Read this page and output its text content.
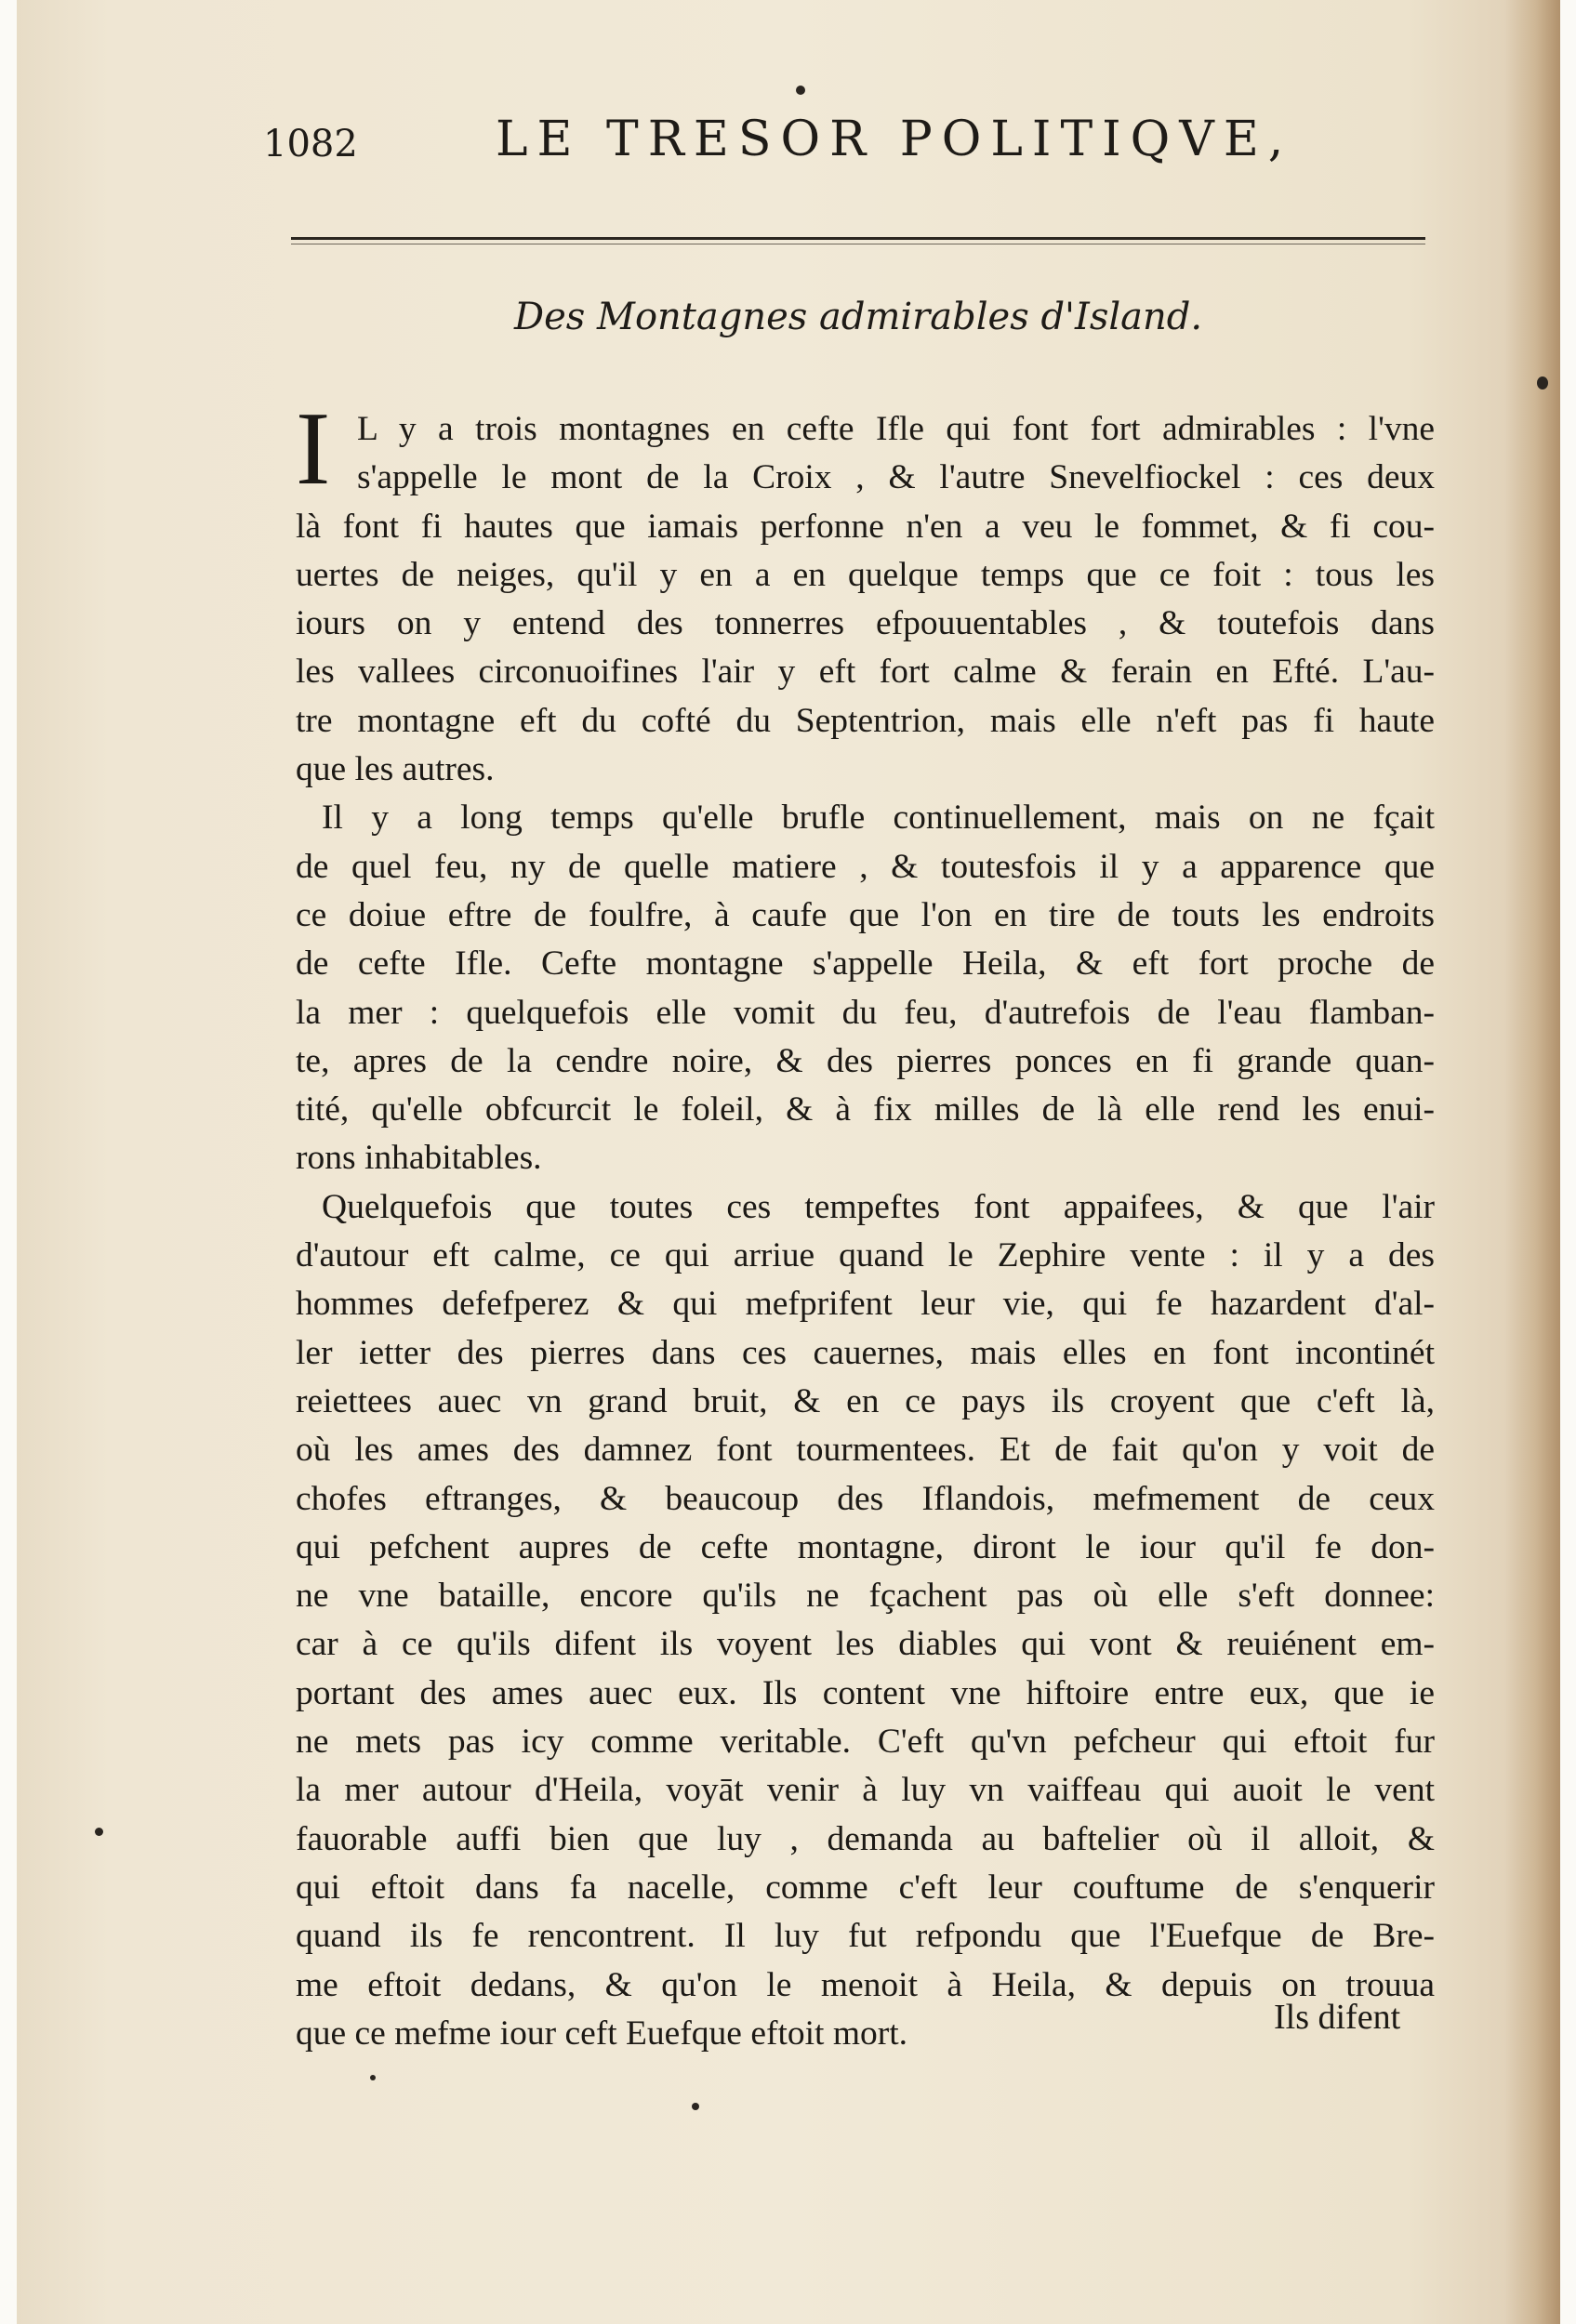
1082	LE TRESOR POLITIQVE,
Des Montagnes admirables d'Island.
I L y a trois montagnes en cefte Ifle qui font fort admirables : l'vne
s'appelle le mont de la Croix , & l'autre Snevelfiockel : ces deux
là font fi hautes que iamais perfonne n'en a veu le fommet, & fi cou-
uertes de neiges, qu'il y en a en quelque temps que ce foit : tous les
iours on y entend des tonnerres efpouuentables , & toutefois dans
les vallees circonuoifines l'air y eft fort calme & ferain en Efté. L'au-
tre montagne eft du cofté du Septentrion, mais elle n'eft pas fi haute
que les autres.
Il y a long temps qu'elle brufle continuellement, mais on ne fçait
de quel feu, ny de quelle matiere , & toutesfois il y a apparence que
ce doiue eftre de foulfre, à caufe que l'on en tire de touts les endroits
de cefte Ifle. Cefte montagne s'appelle Heila, & eft fort proche de
la mer : quelquefois elle vomit du feu, d'autrefois de l'eau flamban-
te, apres de la cendre noire, & des pierres ponces en fi grande quan-
tité, qu'elle obfcurcit le foleil, & à fix milles de là elle rend les enui-
rons inhabitables.
Quelquefois que toutes ces tempeftes font appaifees, & que l'air
d'autour eft calme, ce qui arriue quand le Zephire vente : il y a des
hommes defefperez & qui mefprifent leur vie, qui fe hazardent d'al-
ler ietter des pierres dans ces cauernes, mais elles en font incontinét
reiettees auec vn grand bruit, & en ce pays ils croyent que c'eft là,
où les ames des damnez font tourmentees. Et de fait qu'on y voit de
chofes eftranges, & beaucoup des Iflandois, mefmement de ceux
qui pefchent aupres de cefte montagne, diront le iour qu'il fe don-
ne vne bataille, encore qu'ils ne fçachent pas où elle s'eft donnee:
car à ce qu'ils difent ils voyent les diables qui vont & reuiénent em-
portant des ames auec eux. Ils content vne hiftoire entre eux, que ie
ne mets pas icy comme veritable. C'eft qu'vn pefcheur qui eftoit fur
la mer autour d'Heila, voyāt venir à luy vn vaiffeau qui auoit le vent
fauorable auffi bien que luy , demanda au baftelier où il alloit, &
qui eftoit dans fa nacelle, comme c'eft leur couftume de s'enquerir
quand ils fe rencontrent. Il luy fut refpondu que l'Euefque de Bre-
me eftoit dedans, & qu'on le menoit à Heila, & depuis on trouua
que ce mefme iour ceft Euefque eftoit mort.	Ils difent
